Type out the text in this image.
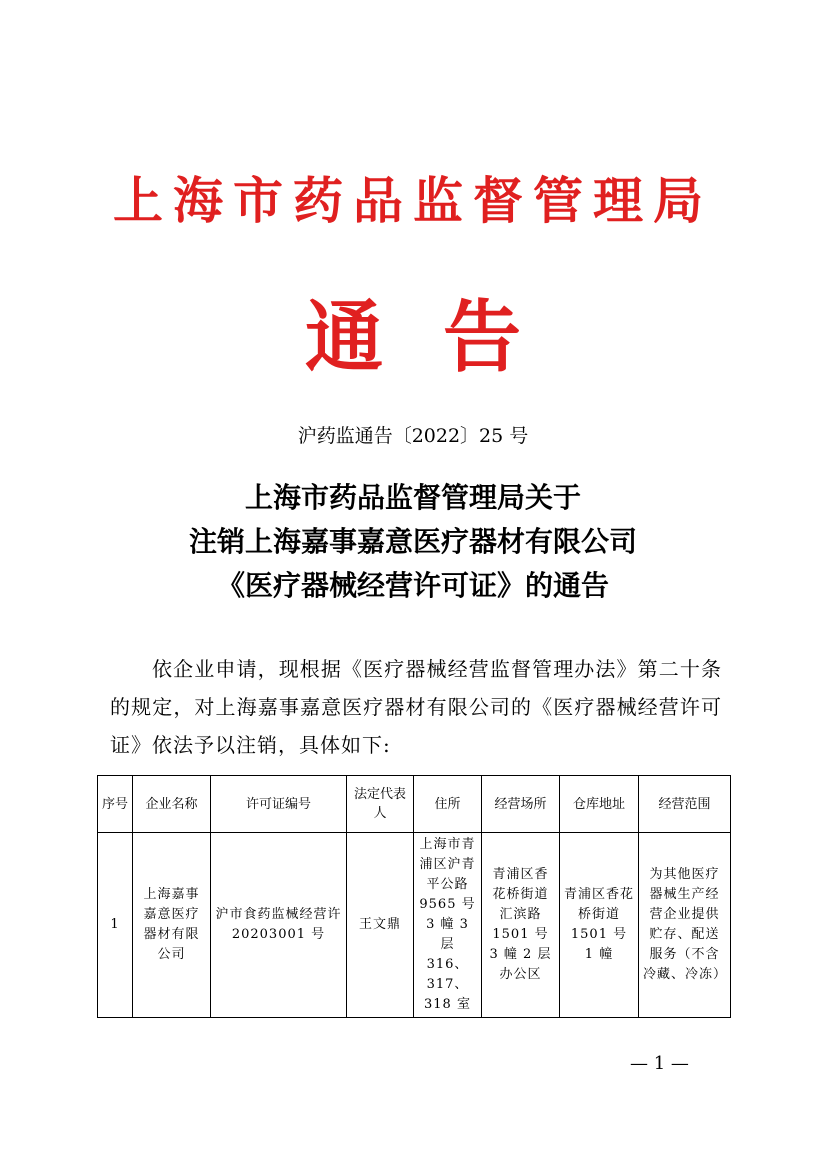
上海市药品监督管理局
通告
沪药监通告〔2022〕25 号
上海市药品监督管理局关于
注销上海嘉事嘉意医疗器材有限公司
《医疗器械经营许可证》的通告

依企业申请，现根据《医疗器械经营监督管理办法》第二十条的规定，对上海嘉事嘉意医疗器材有限公司的《医疗器械经营许可证》依法予以注销，具体如下:

序号	企业名称	许可证编号	法定代表人	住所	经营场所	仓库地址	经营范围
1	上海嘉事嘉意医疗器材有限公司	沪市食药监械经营许 20203001 号	王文鼎	上海市青浦区沪青平公路 9565 号 3 幢 3 层 316、317、318 室	青浦区香花桥街道汇滨路 1501 号 3 幢 2 层办公区	青浦区香花桥街道 1501 号 1 幢	为其他医疗器械生产经营企业提供贮存、配送服务（不含冷藏、冷冻）
— 1 —
